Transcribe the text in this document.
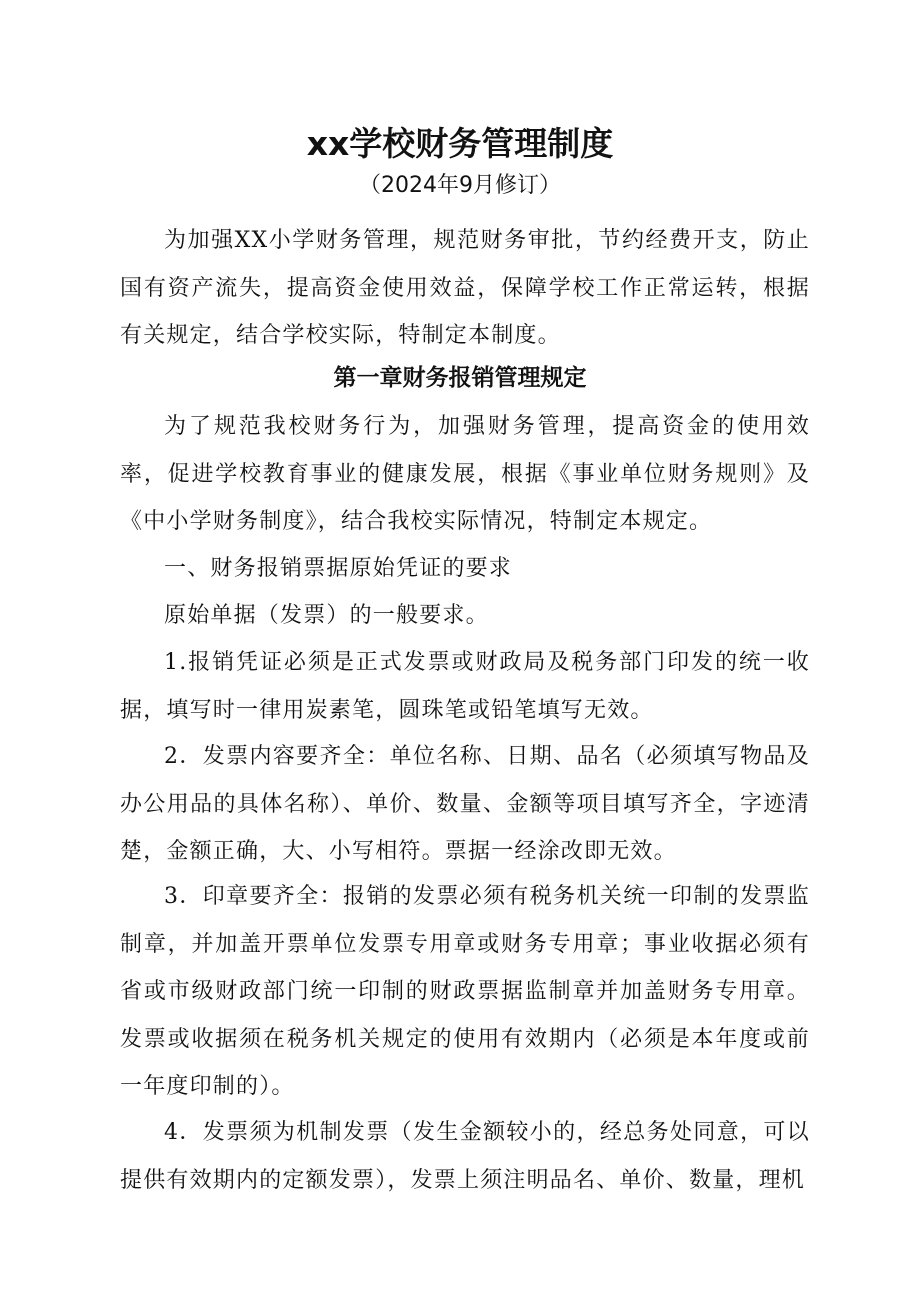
xx学校财务管理制度
（2024年9月修订）

为加强XX小学财务管理，规范财务审批，节约经费开支，防止国有资产流失，提高资金使用效益，保障学校工作正常运转，根据有关规定，结合学校实际，特制定本制度。

第一章财务报销管理规定

为了规范我校财务行为，加强财务管理，提高资金的使用效率，促进学校教育事业的健康发展，根据《事业单位财务规则》及《中小学财务制度》，结合我校实际情况，特制定本规定。

一、财务报销票据原始凭证的要求

原始单据（发票）的一般要求。

1.报销凭证必须是正式发票或财政局及税务部门印发的统一收据，填写时一律用炭素笔，圆珠笔或铅笔填写无效。

2．发票内容要齐全：单位名称、日期、品名（必须填写物品及办公用品的具体名称）、单价、数量、金额等项目填写齐全，字迹清楚，金额正确，大、小写相符。票据一经涂改即无效。

3．印章要齐全：报销的发票必须有税务机关统一印制的发票监制章，并加盖开票单位发票专用章或财务专用章；事业收据必须有省或市级财政部门统一印制的财政票据监制章并加盖财务专用章。发票或收据须在税务机关规定的使用有效期内（必须是本年度或前一年度印制的）。

4．发票须为机制发票（发生金额较小的，经总务处同意，可以提供有效期内的定额发票），发票上须注明品名、单价、数量，理机
